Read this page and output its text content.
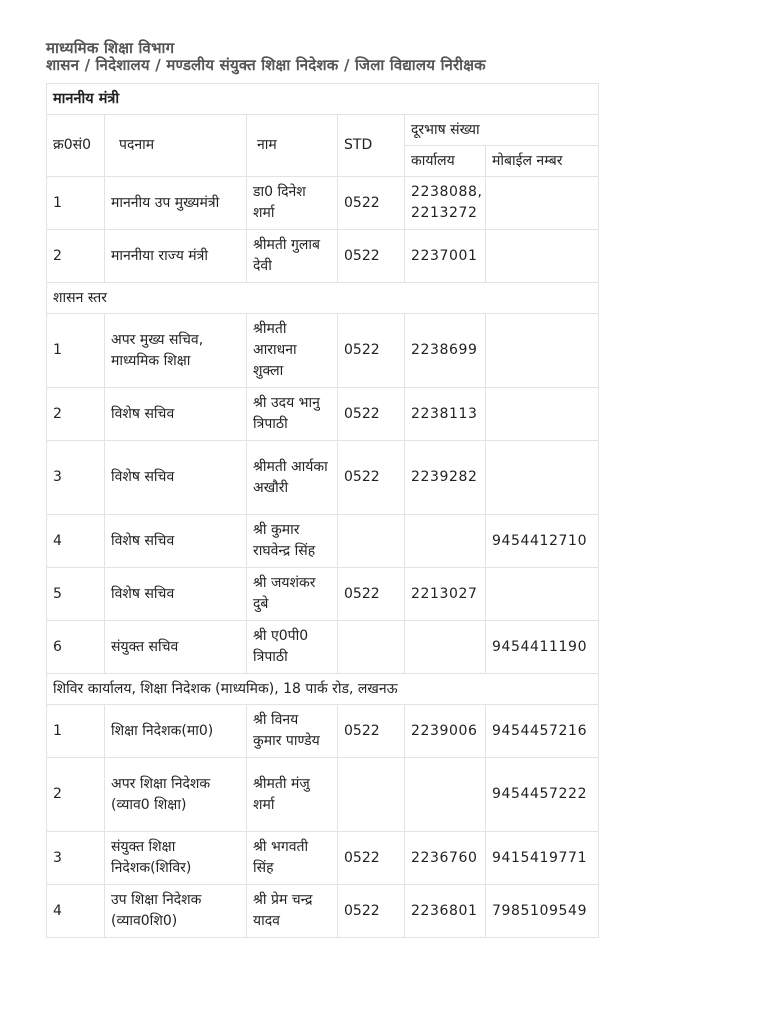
माध्यमिक शिक्षा विभाग
शासन / निदेशालय / मण्डलीय संयुक्त शिक्षा निदेशक / जिला विद्यालय निरीक्षक
माननीय मंत्री					
क्र0सं0	पदनाम	नाम	STD	दूरभाष संख्या	
				कार्यालय	मोबाईल नम्बर
1	माननीय उप मुख्यमंत्री	डा0 दिनेश शर्मा	0522	2238088, 2213272	
2	माननीया राज्य मंत्री	श्रीमती गुलाब देवी	0522	2237001	
शासन स्तर					
1	अपर मुख्य सचिव, माध्यमिक शिक्षा	श्रीमती आराधना शुक्ला	0522	2238699	
2	विशेष सचिव	श्री उदय भानु त्रिपाठी	0522	2238113	
3	विशेष सचिव	श्रीमती आर्यका अखौरी	0522	2239282	
4	विशेष सचिव	श्री कुमार राघवेन्द्र सिंह			9454412710
5	विशेष सचिव	श्री जयशंकर दुबे	0522	2213027	
6	संयुक्त सचिव	श्री ए0पी0 त्रिपाठी			9454411190
शिविर कार्यालय, शिक्षा निदेशक (माध्यमिक), 18 पार्क रोड, लखनऊ					
1	शिक्षा निदेशक(मा0)	श्री विनय कुमार पाण्डेय	0522	2239006	9454457216
2	अपर शिक्षा निदेशक (व्याव0 शिक्षा)	श्रीमती मंजु शर्मा			9454457222
3	संयुक्त शिक्षा निदेशक(शिविर)	श्री भगवती सिंह	0522	2236760	9415419771
4	उप शिक्षा निदेशक (व्याव0शि0)	श्री प्रेम चन्द्र यादव	0522	2236801	7985109549
